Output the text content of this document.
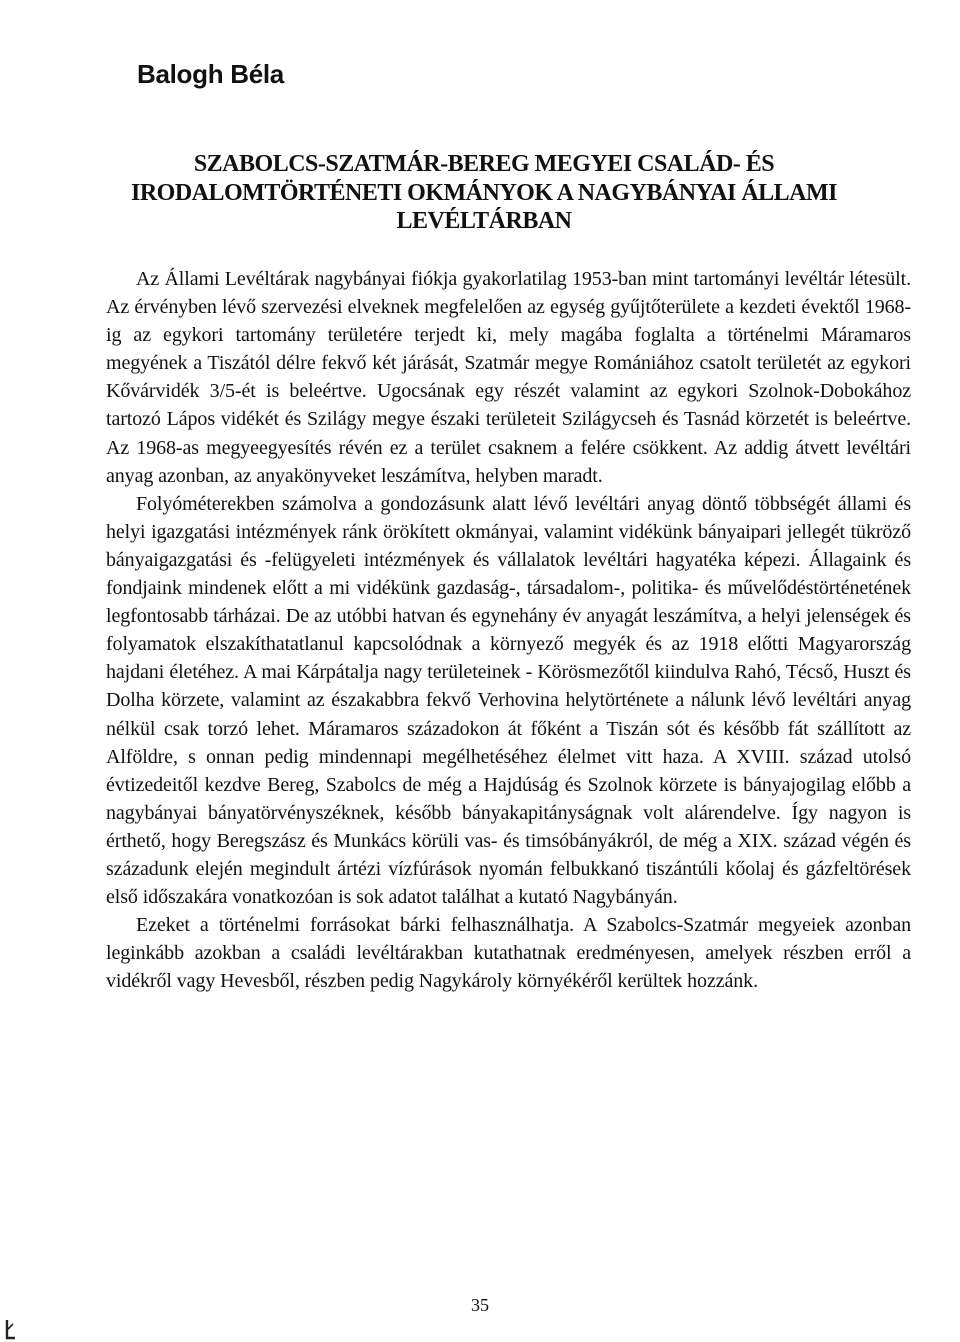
Balogh Béla
SZABOLCS-SZATMÁR-BEREG MEGYEI CSALÁD- ÉS
IRODALOMTÖRTÉNETI OKMÁNYOK A NAGYBÁNYAI ÁLLAMI
LEVÉLTÁRBAN

Az Állami Levéltárak nagybányai fiókja gyakorlatilag 1953-ban mint tartományi levéltár létesült. Az érvényben lévő szervezési elveknek megfelelően az egység gyűjtőterülete a kezdeti évektől 1968-ig az egykori tartomány területére terjedt ki, mely magába foglalta a történelmi Máramaros megyének a Tiszától délre fekvő két járását, Szatmár megye Romániához csatolt területét az egykori Kővárvidék 3/5-ét is beleértve. Ugocsának egy részét valamint az egykori Szolnok-Dobokához tartozó Lápos vidékét és Szilágy megye északi területeit Szilágycseh és Tasnád körzetét is beleértve. Az 1968-as megyeegyesítés révén ez a terület csaknem a felére csökkent. Az addig átvett levéltári anyag azonban, az anyakönyveket leszámítva, helyben maradt.

Folyóméterekben számolva a gondozásunk alatt lévő levéltári anyag döntő többségét állami és helyi igazgatási intézmények ránk örökített okmányai, valamint vidékünk bányaipari jellegét tükröző bányaigazgatási és -felügyeleti intézmények és vállalatok levéltári hagyatéka képezi. Állagaink és fondjaink mindenek előtt a mi vidékünk gazdaság-, társadalom-, politika- és művelődéstörténetének legfontosabb tárházai. De az utóbbi hatvan és egynehány év anyagát leszámítva, a helyi jelenségek és folyamatok elszakíthatatlanul kapcsolódnak a környező megyék és az 1918 előtti Magyarország hajdani életéhez. A mai Kárpátalja nagy területeinek - Körösmezőtől kiindulva Rahó, Técső, Huszt és Dolha körzete, valamint az északabbra fekvő Verhovina helytörténete a nálunk lévő levéltári anyag nélkül csak torzó lehet. Máramaros századokon át főként a Tiszán sót és később fát szállított az Alföldre, s onnan pedig mindennapi megélhetéséhez élelmet vitt haza. A XVIII. század utolsó évtizedeitől kezdve Bereg, Szabolcs de még a Hajdúság és Szolnok körzete is bányajogilag előbb a nagybányai bányatörvényszéknek, később bányakapitányságnak volt alárendelve. Így nagyon is érthető, hogy Beregszász és Munkács körüli vas- és timsóbányákról, de még a XIX. század végén és századunk elején megindult ártézi vízfúrások nyomán felbukkanó tiszántúli kőolaj és gázfeltörések első időszakára vonatkozóan is sok adatot találhat a kutató Nagybányán.

Ezeket a történelmi forrásokat bárki felhasználhatja. A Szabolcs-Szatmár megyeiek azonban leginkább azokban a családi levéltárakban kutathatnak eredményesen, amelyek részben erről a vidékről vagy Hevesből, részben pedig Nagykároly környékéről kerültek hozzánk.

35
